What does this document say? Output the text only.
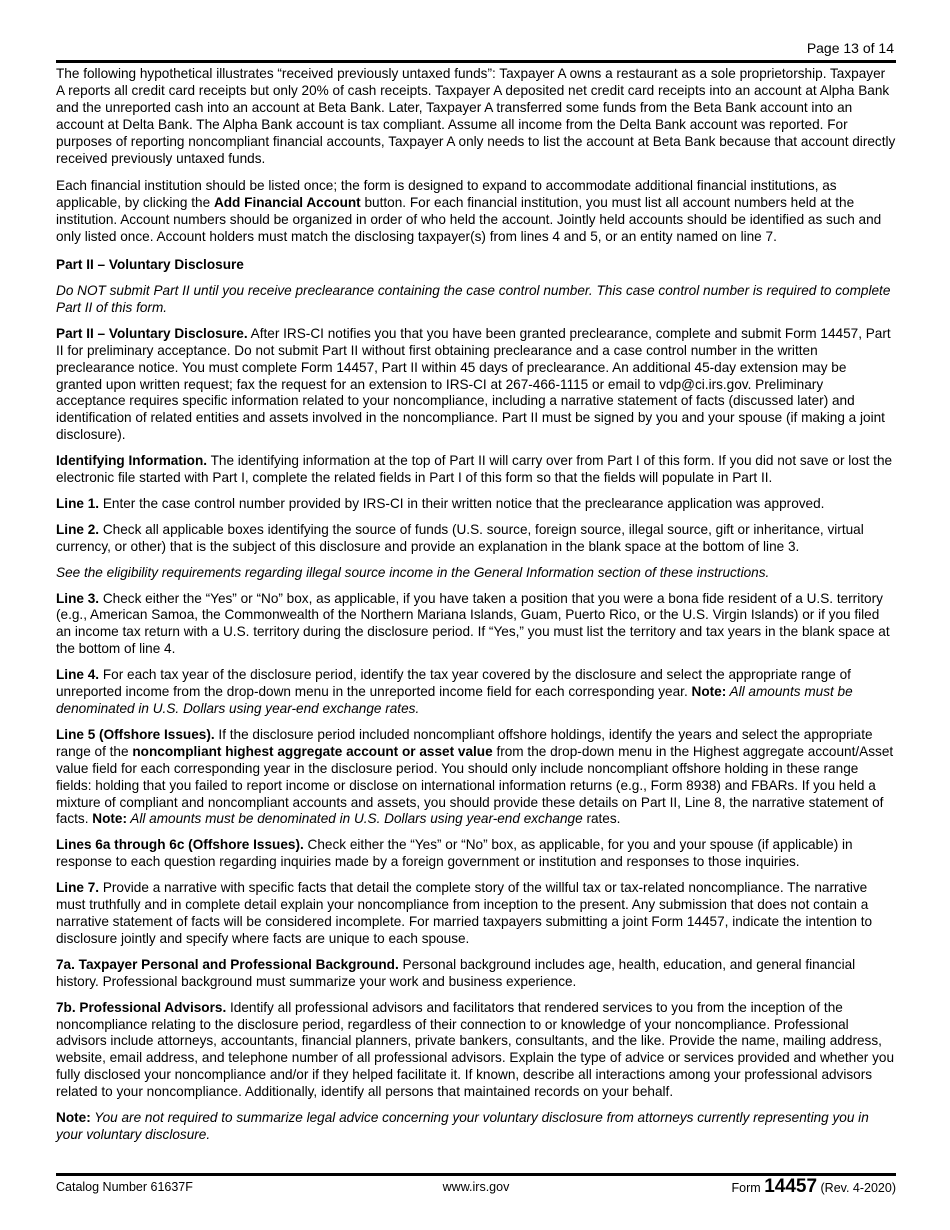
Page 13 of 14

The following hypothetical illustrates “received previously untaxed funds”: Taxpayer A owns a restaurant as a sole proprietorship. Taxpayer A reports all credit card receipts but only 20% of cash receipts. Taxpayer A deposited net credit card receipts into an account at Alpha Bank and the unreported cash into an account at Beta Bank. Later, Taxpayer A transferred some funds from the Beta Bank account into an account at Delta Bank. The Alpha Bank account is tax compliant. Assume all income from the Delta Bank account was reported. For purposes of reporting noncompliant financial accounts, Taxpayer A only needs to list the account at Beta Bank because that account directly received previously untaxed funds.

Each financial institution should be listed once; the form is designed to expand to accommodate additional financial institutions, as applicable, by clicking the Add Financial Account button. For each financial institution, you must list all account numbers held at the institution. Account numbers should be organized in order of who held the account. Jointly held accounts should be identified as such and only listed once. Account holders must match the disclosing taxpayer(s) from lines 4 and 5, or an entity named on line 7.

Part II – Voluntary Disclosure

Do NOT submit Part II until you receive preclearance containing the case control number. This case control number is required to complete Part II of this form.

Part II – Voluntary Disclosure. After IRS-CI notifies you that you have been granted preclearance, complete and submit Form 14457, Part II for preliminary acceptance. Do not submit Part II without first obtaining preclearance and a case control number in the written preclearance notice. You must complete Form 14457, Part II within 45 days of preclearance. An additional 45-day extension may be granted upon written request; fax the request for an extension to IRS-CI at 267-466-1115 or email to vdp@ci.irs.gov. Preliminary acceptance requires specific information related to your noncompliance, including a narrative statement of facts (discussed later) and identification of related entities and assets involved in the noncompliance. Part II must be signed by you and your spouse (if making a joint disclosure).

Identifying Information. The identifying information at the top of Part II will carry over from Part I of this form. If you did not save or lost the electronic file started with Part I, complete the related fields in Part I of this form so that the fields will populate in Part II.

Line 1. Enter the case control number provided by IRS-CI in their written notice that the preclearance application was approved.

Line 2. Check all applicable boxes identifying the source of funds (U.S. source, foreign source, illegal source, gift or inheritance, virtual currency, or other) that is the subject of this disclosure and provide an explanation in the blank space at the bottom of line 3.

See the eligibility requirements regarding illegal source income in the General Information section of these instructions.

Line 3. Check either the “Yes” or “No” box, as applicable, if you have taken a position that you were a bona fide resident of a U.S. territory (e.g., American Samoa, the Commonwealth of the Northern Mariana Islands, Guam, Puerto Rico, or the U.S. Virgin Islands) or if you filed an income tax return with a U.S. territory during the disclosure period. If “Yes,” you must list the territory and tax years in the blank space at the bottom of line 4.

Line 4. For each tax year of the disclosure period, identify the tax year covered by the disclosure and select the appropriate range of unreported income from the drop-down menu in the unreported income field for each corresponding year. Note: All amounts must be denominated in U.S. Dollars using year-end exchange rates.

Line 5 (Offshore Issues). If the disclosure period included noncompliant offshore holdings, identify the years and select the appropriate range of the noncompliant highest aggregate account or asset value from the drop-down menu in the Highest aggregate account/Asset value field for each corresponding year in the disclosure period. You should only include noncompliant offshore holding in these range fields: holding that you failed to report income or disclose on international information returns (e.g., Form 8938) and FBARs. If you held a mixture of compliant and noncompliant accounts and assets, you should provide these details on Part II, Line 8, the narrative statement of facts. Note: All amounts must be denominated in U.S. Dollars using year-end exchange rates.

Lines 6a through 6c (Offshore Issues). Check either the “Yes” or “No” box, as applicable, for you and your spouse (if applicable) in response to each question regarding inquiries made by a foreign government or institution and responses to those inquiries.

Line 7. Provide a narrative with specific facts that detail the complete story of the willful tax or tax-related noncompliance. The narrative must truthfully and in complete detail explain your noncompliance from inception to the present. Any submission that does not contain a narrative statement of facts will be considered incomplete. For married taxpayers submitting a joint Form 14457, indicate the intention to disclosure jointly and specify where facts are unique to each spouse.

7a. Taxpayer Personal and Professional Background. Personal background includes age, health, education, and general financial history. Professional background must summarize your work and business experience.

7b. Professional Advisors. Identify all professional advisors and facilitators that rendered services to you from the inception of the noncompliance relating to the disclosure period, regardless of their connection to or knowledge of your noncompliance. Professional advisors include attorneys, accountants, financial planners, private bankers, consultants, and the like. Provide the name, mailing address, website, email address, and telephone number of all professional advisors. Explain the type of advice or services provided and whether you fully disclosed your noncompliance and/or if they helped facilitate it. If known, describe all interactions among your professional advisors related to your noncompliance. Additionally, identify all persons that maintained records on your behalf.

Note: You are not required to summarize legal advice concerning your voluntary disclosure from attorneys currently representing you in your voluntary disclosure.

Catalog Number 61637F	www.irs.gov	Form 14457 (Rev. 4-2020)
